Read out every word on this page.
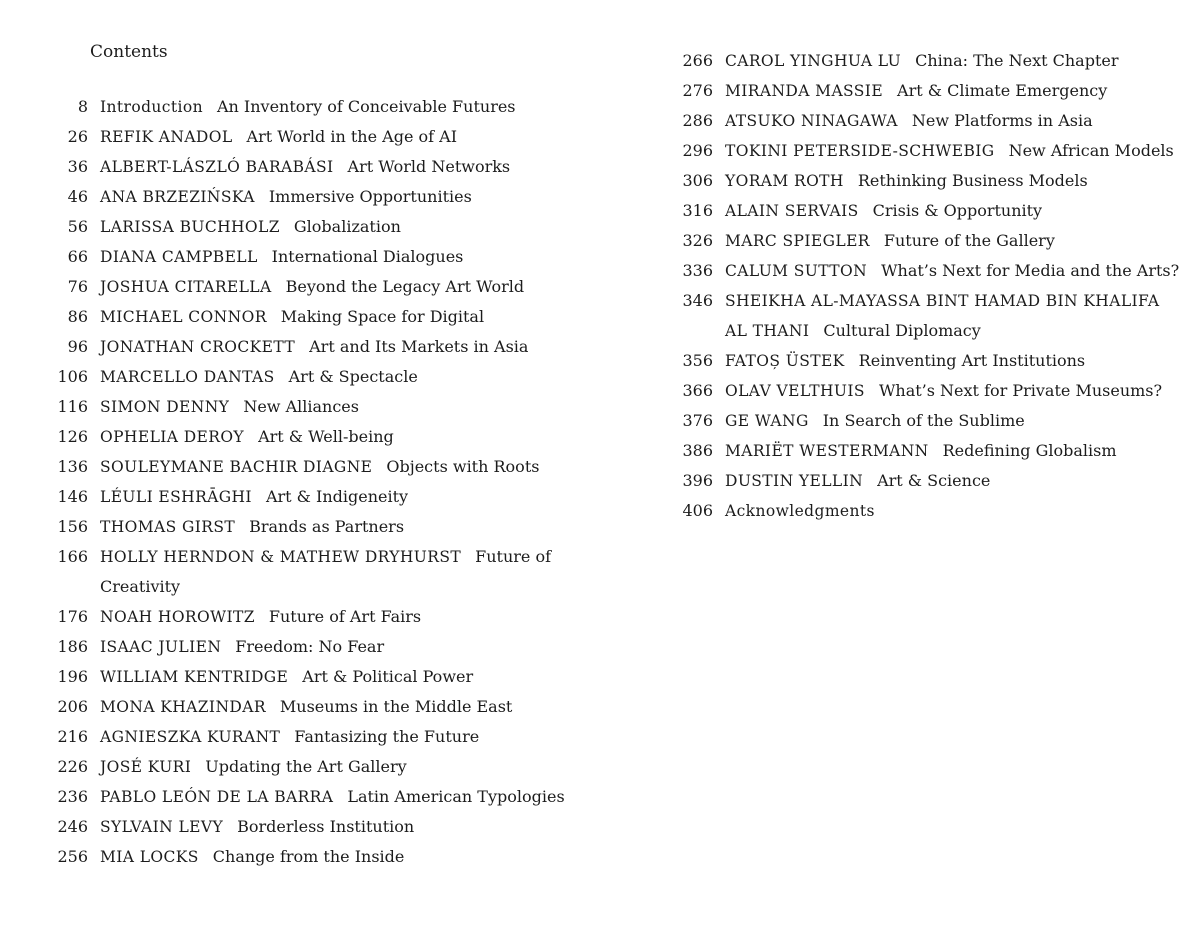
Contents
8 Introduction An Inventory of Conceivable Futures
26 REFIK ANADOL Art World in the Age of AI
36 ALBERT-LÁSZLÓ BARABÁSI Art World Networks
46 ANA BRZEZIŃSKA Immersive Opportunities
56 LARISSA BUCHHOLZ Globalization
66 DIANA CAMPBELL International Dialogues
76 JOSHUA CITARELLA Beyond the Legacy Art World
86 MICHAEL CONNOR Making Space for Digital
96 JONATHAN CROCKETT Art and Its Markets in Asia
106 MARCELLO DANTAS Art & Spectacle
116 SIMON DENNY New Alliances
126 OPHELIA DEROY Art & Well-being
136 SOULEYMANE BACHIR DIAGNE Objects with Roots
146 LÉULI ESHRĀGHI Art & Indigeneity
156 THOMAS GIRST Brands as Partners
166 HOLLY HERNDON & MATHEW DRYHURST Future of Creativity
176 NOAH HOROWITZ Future of Art Fairs
186 ISAAC JULIEN Freedom: No Fear
196 WILLIAM KENTRIDGE Art & Political Power
206 MONA KHAZINDAR Museums in the Middle East
216 AGNIESZKA KURANT Fantasizing the Future
226 JOSÉ KURI Updating the Art Gallery
236 PABLO LEÓN DE LA BARRA Latin American Typologies
246 SYLVAIN LEVY Borderless Institution
256 MIA LOCKS Change from the Inside
266 CAROL YINGHUA LU China: The Next Chapter
276 MIRANDA MASSIE Art & Climate Emergency
286 ATSUKO NINAGAWA New Platforms in Asia
296 TOKINI PETERSIDE-SCHWEBIG New African Models
306 YORAM ROTH Rethinking Business Models
316 ALAIN SERVAIS Crisis & Opportunity
326 MARC SPIEGLER Future of the Gallery
336 CALUM SUTTON What’s Next for Media and the Arts?
346 SHEIKHA AL-MAYASSA BINT HAMAD BIN KHALIFA AL THANI Cultural Diplomacy
356 FATOȘ ÜSTEK Reinventing Art Institutions
366 OLAV VELTHUIS What’s Next for Private Museums?
376 GE WANG In Search of the Sublime
386 MARIËT WESTERMANN Redefining Globalism
396 DUSTIN YELLIN Art & Science
406 Acknowledgments
